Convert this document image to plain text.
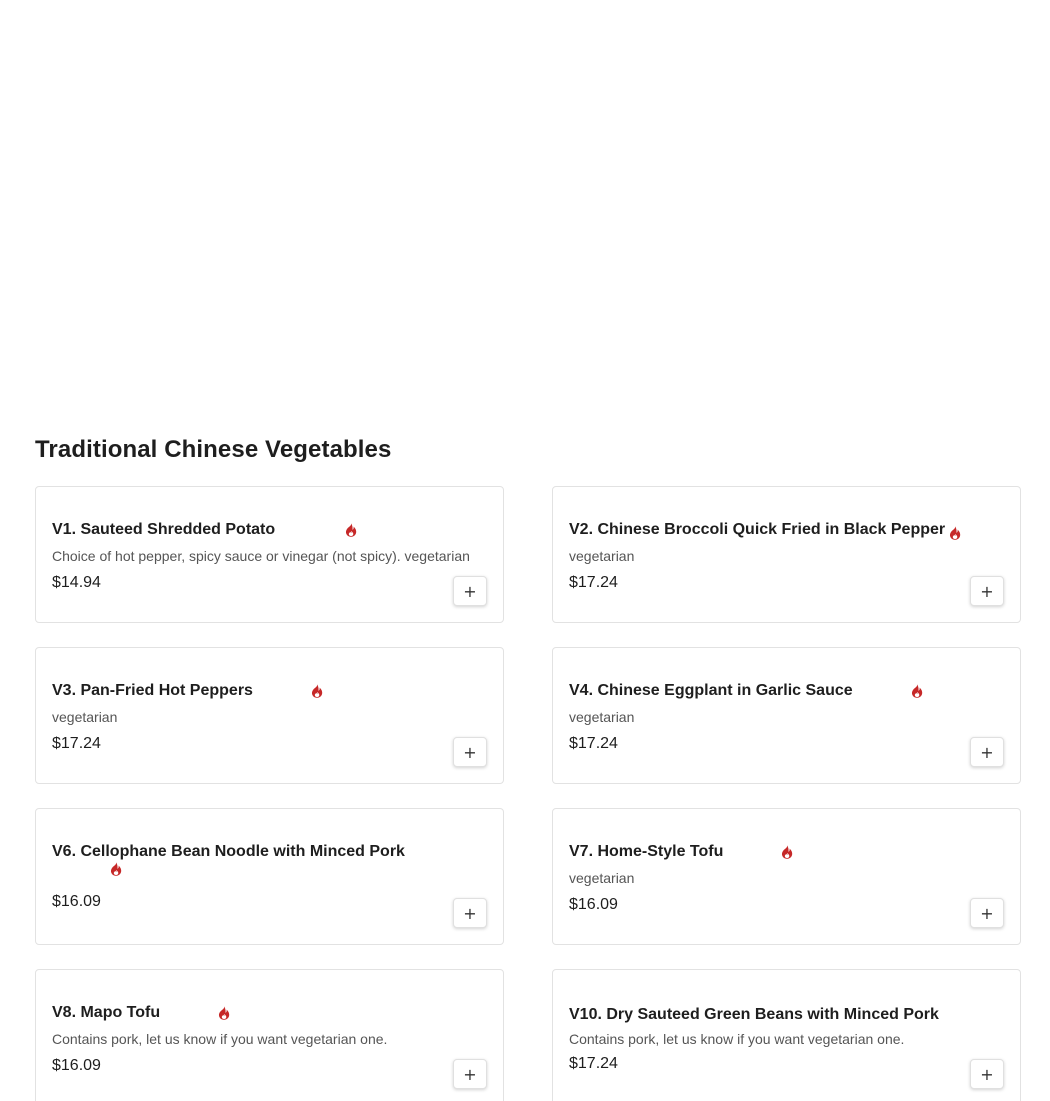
Traditional Chinese Vegetables
V1. Sauteed Shredded Potato
Choice of hot pepper, spicy sauce or vinegar (not spicy). vegetarian
$14.94	+
V2. Chinese Broccoli Quick Fried in Black Pepper
vegetarian
$17.24	+
V3. Pan-Fried Hot Peppers
vegetarian
$17.24	+
V4. Chinese Eggplant in Garlic Sauce
vegetarian
$17.24	+
V6. Cellophane Bean Noodle with Minced Pork
$16.09
+
V7. Home-Style Tofu
vegetarian
$16.09	+
V8. Mapo Tofu
Contains pork, let us know if you want vegetarian one.
$16.09	+
V10. Dry Sauteed Green Beans with Minced Pork
Contains pork, let us know if you want vegetarian one.
$17.24
+
